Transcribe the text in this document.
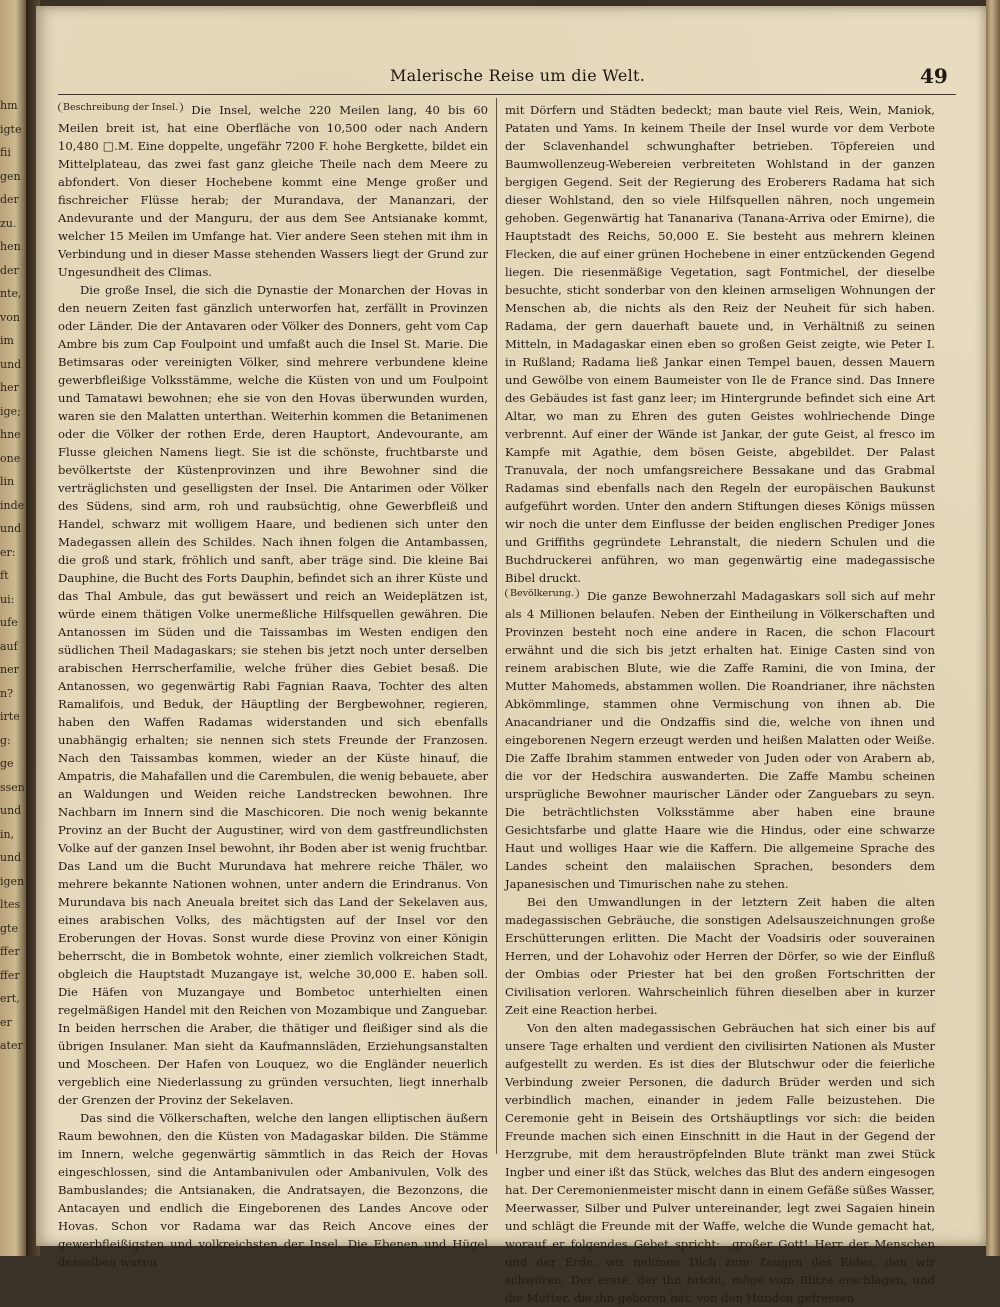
hm
igte
fii
gen
der
zu.
hen
der
nte,
von
im
und
her
ige;
hne
one
lin
inde
und
er:
ft
ui:
ufe
auf
ner
n?
irte
g:
ge
ssen
und
in,
und
igen
ltes
gte
ffer
ffer
ert,
er
ater
Malerische Reise um die Welt.	49

Beschreibung der Insel.	Die Insel, welche 220 Meilen lang, 40 bis 60 Meilen breit ist, hat eine Oberfläche von 10,500 oder nach Andern 10,480 □.M. Eine doppelte, ungefähr 7200 F. hohe Bergkette, bildet ein Mittelplateau, das zwei fast ganz gleiche Theile nach dem Meere zu abfondert. Von dieser Hochebene kommt eine Menge großer und fischreicher Flüsse herab; der Murandava, der Mananzari, der Andevurante und der Manguru, der aus dem See Antsianake kommt, welcher 15 Meilen im Umfange hat. Vier andere Seen stehen mit ihm in Verbindung und in dieser Masse stehenden Wassers liegt der Grund zur Ungesundheit des Climas.

Die große Insel, die sich die Dynastie der Monarchen der Hovas in den neuern Zeiten fast gänzlich unterworfen hat, zerfällt in Provinzen oder Länder. Die der Antavaren oder Völker des Donners, geht vom Cap Ambre bis zum Cap Foulpoint und umfaßt auch die Insel St. Marie. Die Betimsaras oder vereinigten Völker, sind mehrere verbundene kleine gewerbfleißige Volksstämme, welche die Küsten von und um Foulpoint und Tamatawi bewohnen; ehe sie von den Hovas überwunden wurden, waren sie den Malatten unterthan. Weiterhin kommen die Betanimenen oder die Völker der rothen Erde, deren Hauptort, Andevourante, am Flusse gleichen Namens liegt. Sie ist die schönste, fruchtbarste und bevölkertste der Küstenprovinzen und ihre Bewohner sind die verträglichsten und geselligsten der Insel. Die Antarimen oder Völker des Südens, sind arm, roh und raubsüchtig, ohne Gewerbfleiß und Handel, schwarz mit wolligem Haare, und bedienen sich unter den Madegassen allein des Schildes. Nach ihnen folgen die Antambassen, die groß und stark, fröhlich und sanft, aber träge sind. Die kleine Bai Dauphine, die Bucht des Forts Dauphin, befindet sich an ihrer Küste und das Thal Ambule, das gut bewässert und reich an Weideplätzen ist, würde einem thätigen Volke unermeßliche Hilfsquellen gewähren. Die Antanossen im Süden und die Taissambas im Westen endigen den südlichen Theil Madagaskars; sie stehen bis jetzt noch unter derselben arabischen Herrscherfamilie, welche früher dies Gebiet besaß. Die Antanossen, wo gegenwärtig Rabi Fagnian Raava, Tochter des alten Ramalifois, und Beduk, der Häuptling der Bergbewohner, regieren, haben den Waffen Radamas widerstanden und sich ebenfalls unabhängig erhalten; sie nennen sich stets Freunde der Franzosen. Nach den Taissambas kommen, wieder an der Küste hinauf, die Ampatris, die Mahafallen und die Carembulen, die wenig bebauete, aber an Waldungen und Weiden reiche Landstrecken bewohnen. Ihre Nachbarn im Innern sind die Maschicoren. Die noch wenig bekannte Provinz an der Bucht der Augustiner, wird von dem gastfreundlichsten Volke auf der ganzen Insel bewohnt, ihr Boden aber ist wenig fruchtbar. Das Land um die Bucht Murundava hat mehrere reiche Thäler, wo mehrere bekannte Nationen wohnen, unter andern die Erindranus. Von Murundava bis nach Aneuala breitet sich das Land der Sekelaven aus, eines arabischen Volks, des mächtigsten auf der Insel vor den Eroberungen der Hovas. Sonst wurde diese Provinz von einer Königin beherrscht, die in Bombetok wohnte, einer ziemlich volkreichen Stadt, obgleich die Hauptstadt Muzangaye ist, welche 30,000 E. haben soll. Die Häfen von Muzangaye und Bombetoc unterhielten einen regelmäßigen Handel mit den Reichen von Mozambique und Zanguebar. In beiden herrschen die Araber, die thätiger und fleißiger sind als die übrigen Insulaner. Man sieht da Kaufmannsläden, Erziehungsanstalten und Moscheen. Der Hafen von Louquez, wo die Engländer neuerlich vergeblich eine Niederlassung zu gründen versuchten, liegt innerhalb der Grenzen der Provinz der Sekelaven.

Das sind die Völkerschaften, welche den langen elliptischen äußern Raum bewohnen, den die Küsten von Madagaskar bilden. Die Stämme im Innern, welche gegenwärtig sämmtlich in das Reich der Hovas eingeschlossen, sind die Antambanivulen oder Ambanivulen, Volk des Bambuslandes; die Antsianaken, die Andratsayen, die Bezonzons, die Antacayen und endlich die Eingeborenen des Landes Ancove oder Hovas. Schon vor Radama war das Reich Ancove eines der gewerbfleißigsten und volkreichsten der Insel. Die Ebenen und Hügel desselben waren

mit Dörfern und Städten bedeckt; man baute viel Reis, Wein, Maniok, Pataten und Yams. In keinem Theile der Insel wurde vor dem Verbote der Sclavenhandel schwunghafter betrieben. Töpfereien und Baumwollenzeug-Webereien verbreiteten Wohlstand in der ganzen bergigen Gegend. Seit der Regierung des Eroberers Radama hat sich dieser Wohlstand, den so viele Hilfsquellen nähren, noch ungemein gehoben. Gegenwärtig hat Tananariva (Tanana-Arriva oder Emirne), die Hauptstadt des Reichs, 50,000 E. Sie besteht aus mehrern kleinen Flecken, die auf einer grünen Hochebene in einer entzückenden Gegend liegen. Die riesenmäßige Vegetation, sagt Fontmichel, der dieselbe besuchte, sticht sonderbar von den kleinen armseligen Wohnungen der Menschen ab, die nichts als den Reiz der Neuheit für sich haben. Radama, der gern dauerhaft bauete und, in Verhältniß zu seinen Mitteln, in Madagaskar einen eben so großen Geist zeigte, wie Peter I. in Rußland; Radama ließ Jankar einen Tempel bauen, dessen Mauern und Gewölbe von einem Baumeister von Ile de France sind. Das Innere des Gebäudes ist fast ganz leer; im Hintergrunde befindet sich eine Art Altar, wo man zu Ehren des guten Geistes wohlriechende Dinge verbrennt. Auf einer der Wände ist Jankar, der gute Geist, al fresco im Kampfe mit Agathie, dem bösen Geiste, abgebildet. Der Palast Tranuvala, der noch umfangsreichere Bessakane und das Grabmal Radamas sind ebenfalls nach den Regeln der europäischen Baukunst aufgeführt worden. Unter den andern Stiftungen dieses Königs müssen wir noch die unter dem Einflusse der beiden englischen Prediger Jones und Griffiths gegründete Lehranstalt, die niedern Schulen und die Buchdruckerei anführen, wo man gegenwärtig eine madegassische Bibel druckt.

Bevölkerung.	Die ganze Bewohnerzahl Madagaskars soll sich auf mehr als 4 Millionen belaufen. Neben der Eintheilung in Völkerschaften und Provinzen besteht noch eine andere in Racen, die schon Flacourt erwähnt und die sich bis jetzt erhalten hat. Einige Casten sind von reinem arabischen Blute, wie die Zaffe Ramini, die von Imina, der Mutter Mahomeds, abstammen wollen. Die Roandrianer, ihre nächsten Abkömmlinge, stammen ohne Vermischung von ihnen ab. Die Anacandrianer und die Ondzaffis sind die, welche von ihnen und eingeborenen Negern erzeugt werden und heißen Malatten oder Weiße. Die Zaffe Ibrahim stammen entweder von Juden oder von Arabern ab, die vor der Hedschira auswanderten. Die Zaffe Mambu scheinen ursprügliche Bewohner maurischer Länder oder Zanguebars zu seyn. Die beträchtlichsten Volksstämme aber haben eine braune Gesichtsfarbe und glatte Haare wie die Hindus, oder eine schwarze Haut und wolliges Haar wie die Kaffern. Die allgemeine Sprache des Landes scheint den malaiischen Sprachen, besonders dem Japanesischen und Timurischen nahe zu stehen.

Bei den Umwandlungen in der letztern Zeit haben die alten madegassischen Gebräuche, die sonstigen Adelsauszeichnungen große Erschütterungen erlitten. Die Macht der Voadsiris oder souverainen Herren, und der Lohavohiz oder Herren der Dörfer, so wie der Einfluß der Ombias oder Priester hat bei den großen Fortschritten der Civilisation verloren. Wahrscheinlich führen dieselben aber in kurzer Zeit eine Reaction herbei.

Von den alten madegassischen Gebräuchen hat sich einer bis auf unsere Tage erhalten und verdient den civilisirten Nationen als Muster aufgestellt zu werden. Es ist dies der Blutschwur oder die feierliche Verbindung zweier Personen, die dadurch Brüder werden und sich verbindlich machen, einander in jedem Falle beizustehen. Die Ceremonie geht in Beisein des Ortshäuptlings vor sich: die beiden Freunde machen sich einen Einschnitt in die Haut in der Gegend der Herzgrube, mit dem herauströpfelnden Blute tränkt man zwei Stück Ingber und einer ißt das Stück, welches das Blut des andern eingesogen hat. Der Ceremonienmeister mischt dann in einem Gefäße süßes Wasser, Meerwasser, Silber und Pulver untereinander, legt zwei Sagaien hinein und schlägt die Freunde mit der Waffe, welche die Wunde gemacht hat, worauf er folgendes Gebet spricht: „großer Gott! Herr der Menschen und der Erde, wir nehmen Dich zum Zeugen des Eides, den wir schwören. Der erste, der ihn bricht, möge vom Blitze erschlagen, und die Mutter, die ihn geboren hat, von den Hunden gefressen
